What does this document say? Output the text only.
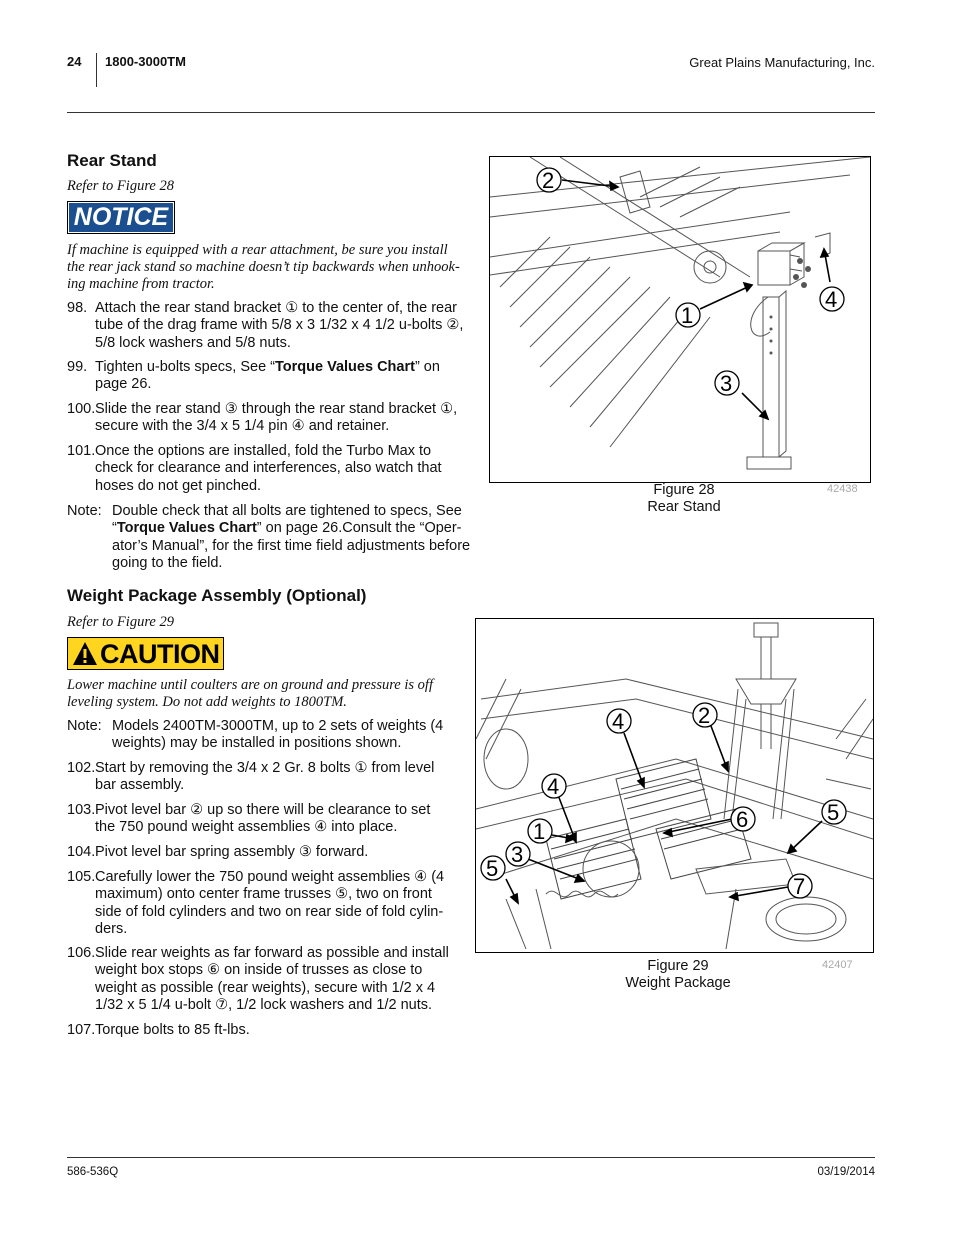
24 1800-3000TM	Great Plains Manufacturing, Inc.
Rear Stand
Refer to Figure 28
NOTICE
If machine is equipped with a rear attachment, be sure you install
the rear jack stand so machine doesn’t tip backwards when unhook-
ing machine from tractor.
98. Attach the rear stand bracket ① to the center of, the rear
tube of the drag frame with 5/8 x 3 1/32 x 4 1/2 u-bolts ②,
5/8 lock washers and 5/8 nuts.
99. Tighten u-bolts specs, See “Torque Values Chart” on
page 26.
100. Slide the rear stand ③ through the rear stand bracket ①,
secure with the 3/4 x 5 1/4 pin ④ and retainer.
101. Once the options are installed, fold the Turbo Max to
check for clearance and interferences, also watch that
hoses do not get pinched.
Note: Double check that all bolts are tightened to specs, See
“Torque Values Chart” on page 26.Consult the “Oper-
ator’s Manual”, for the first time field adjustments before
going to the field.
2
1
3
4
Figure 28
Rear Stand
42438
Weight Package Assembly (Optional)
Refer to Figure 29
CAUTION
Lower machine until coulters are on ground and pressure is off
leveling system. Do not add weights to 1800TM.
Note: Models 2400TM-3000TM, up to 2 sets of weights (4
weights) may be installed in positions shown.
102. Start by removing the 3/4 x 2 Gr. 8 bolts ① from level
bar assembly.
103. Pivot level bar ② up so there will be clearance to set
the 750 pound weight assemblies ④ into place.
104. Pivot level bar spring assembly ③ forward.
105. Carefully lower the 750 pound weight assemblies ④ (4
maximum) onto center frame trusses ⑤, two on front
side of fold cylinders and two on rear side of fold cylin-
ders.
106. Slide rear weights as far forward as possible and install
weight box stops ⑥ on inside of trusses as close to
weight as possible (rear weights), secure with 1/2 x 4
1/32 x 5 1/4 u-bolt ⑦, 1/2 lock washers and 1/2 nuts.
107. Torque bolts to 85 ft-lbs.
4	2
4
1
3
5
6	5
7
Figure 29
Weight Package
42407
586-536Q	03/19/2014
